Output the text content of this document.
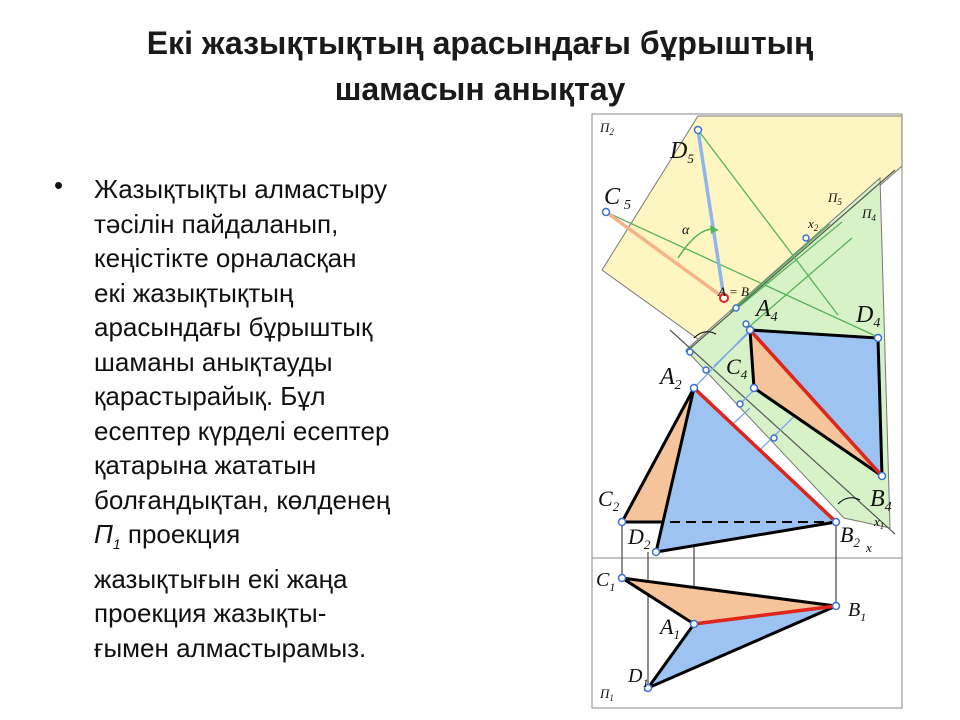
Екі жазықтықтың арасындағы бұрыштың
шамасын анықтау
• Жазықтықты алмастыру
тәсілін пайдаланып,
кеңістікте орналасқан
екі жазықтықтың
арасындағы бұрыштық
шаманы анықтауды
қарастырайық. Бұл
есептер күрделі есептер
қатарына жататын
болғандықтан, көлденең
$П_1$ проекция
жазықтығын екі жаңа
проекция жазықты-
ғымен алмастырамыз.
$П_2$
$D_5$
C $_5$
$П_5$
$П_4$
$x_2$
α
A = B
$A_4$	$D_4$
$C_4$
$A_2$
$B_4$
$x_1$
$C_2$
$D_2$	$B_2$ x
$C_1$
$B_1$
$A_1$
$D_1$
$П_1$
